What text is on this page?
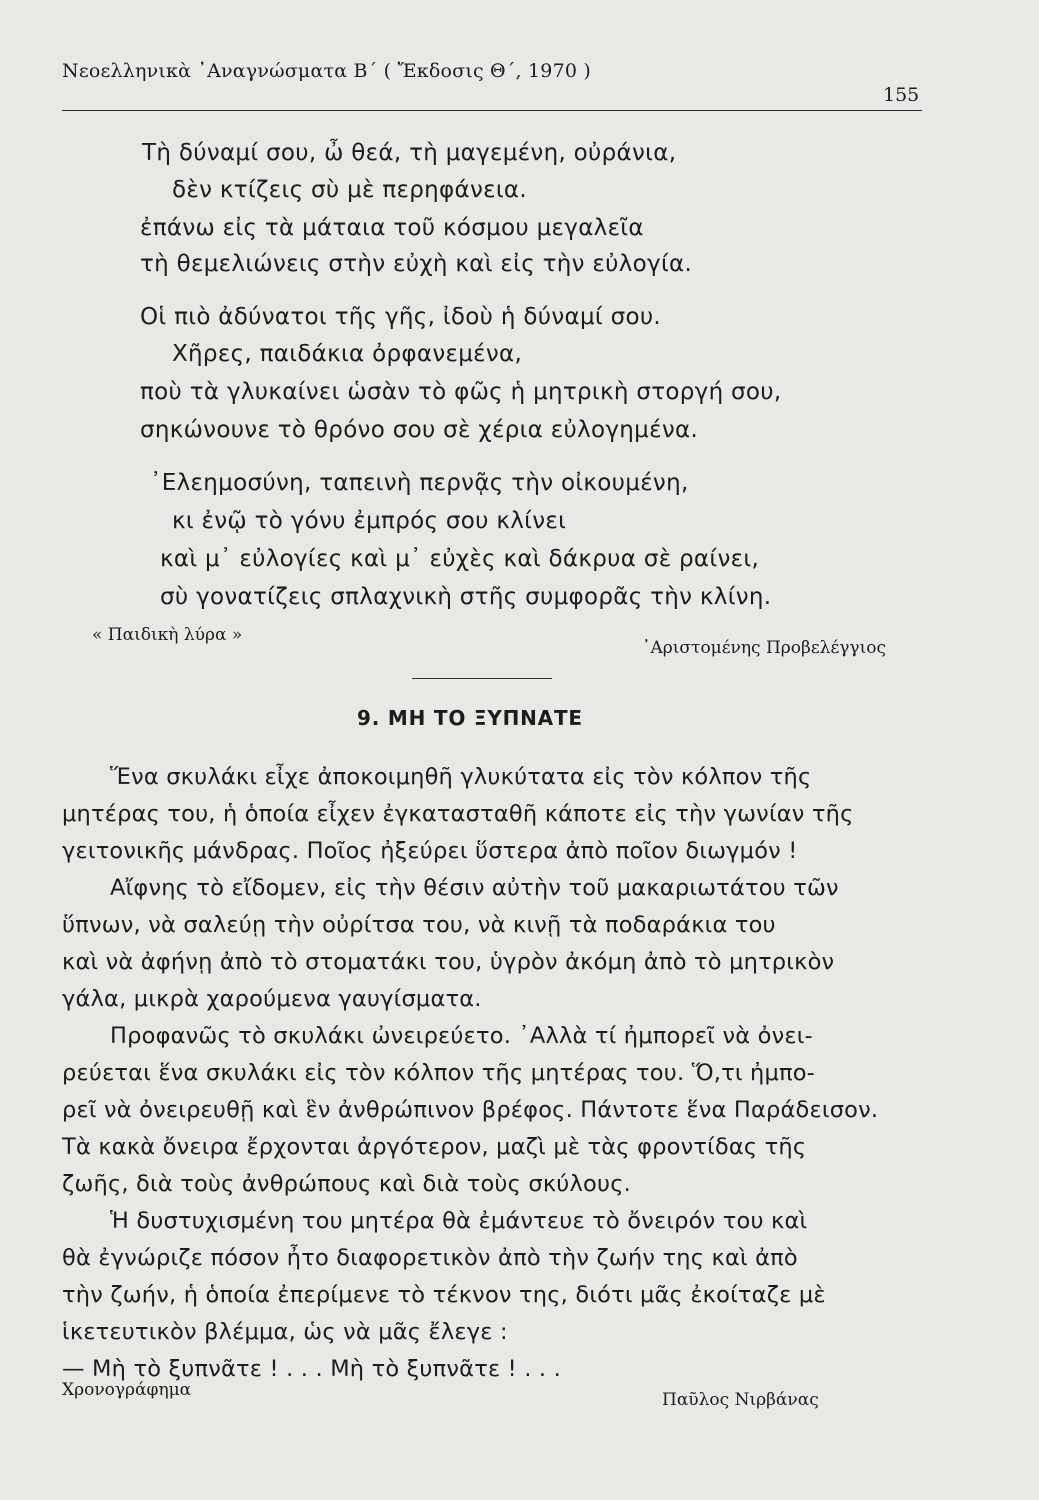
Νεοελληνικὰ ᾿Αναγνώσματα Β΄ ( Ἔκδοσις Θ΄, 1970 )
155
Τὴ δύναμί σου, ὦ θεά, τὴ μαγεμένη, οὐράνια,
δὲν κτίζεις σὺ μὲ περηφάνεια.
ἐπάνω εἰς τὰ μάταια τοῦ κόσμου μεγαλεῖα
τὴ θεμελιώνεις στὴν εὐχὴ καὶ εἰς τὴν εὐλογία.
Οἱ πιὸ ἀδύνατοι τῆς γῆς, ἰδοὺ ἡ δύναμί σου.
Χῆρες, παιδάκια ὀρφανεμένα,
ποὺ τὰ γλυκαίνει ὡσὰν τὸ φῶς ἡ μητρικὴ στοργή σου,
σηκώνουνε τὸ θρόνο σου σὲ χέρια εὐλογημένα.
᾿Ελεημοσύνη, ταπεινὴ περνᾷς τὴν οἰκουμένη,
κι ἐνῷ τὸ γόνυ ἐμπρός σου κλίνει
καὶ μ᾿ εὐλογίες καὶ μ᾿ εὐχὲς καὶ δάκρυα σὲ ραίνει,
σὺ γονατίζεις σπλαχνικὴ στῆς συμφορᾶς τὴν κλίνη.
« Παιδικὴ λύρα »
᾿Αριστομένης Προβελέγγιος
9. ΜΗ ΤΟ ΞΥΠΝΑΤΕ
Ἕνα σκυλάκι εἶχε ἀποκοιμηθῆ γλυκύτατα εἰς τὸν κόλπον τῆς
μητέρας του, ἡ ὁποία εἶχεν ἐγκατασταθῆ κάποτε εἰς τὴν γωνίαν τῆς
γειτονικῆς μάνδρας. Ποῖος ἠξεύρει ὕστερα ἀπὸ ποῖον διωγμόν !
Αἴφνης τὸ εἴδομεν, εἰς τὴν θέσιν αὐτὴν τοῦ μακαριωτάτου τῶν
ὕπνων, νὰ σαλεύῃ τὴν οὐρίτσα του, νὰ κινῇ τὰ ποδαράκια του
καὶ νὰ ἀφήνῃ ἀπὸ τὸ στοματάκι του, ὑγρὸν ἀκόμη ἀπὸ τὸ μητρικὸν
γάλα, μικρὰ χαρούμενα γαυγίσματα.
Προφανῶς τὸ σκυλάκι ὠνειρεύετο. ᾿Αλλὰ τί ἠμπορεῖ νὰ ὀνει-
ρεύεται ἕνα σκυλάκι εἰς τὸν κόλπον τῆς μητέρας του. Ὅ,τι ἠμπο-
ρεῖ νὰ ὀνειρευθῇ καὶ ἓν ἀνθρώπινον βρέφος. Πάντοτε ἕνα Παράδεισον.
Τὰ κακὰ ὄνειρα ἔρχονται ἀργότερον, μαζὶ μὲ τὰς φροντίδας τῆς
ζωῆς, διὰ τοὺς ἀνθρώπους καὶ διὰ τοὺς σκύλους.
Ἡ δυστυχισμένη του μητέρα θὰ ἐμάντευε τὸ ὄνειρόν του καὶ
θὰ ἐγνώριζε πόσον ἦτο διαφορετικὸν ἀπὸ τὴν ζωήν της καὶ ἀπὸ
τὴν ζωήν, ἡ ὁποία ἐπερίμενε τὸ τέκνον της, διότι μᾶς ἐκοίταζε μὲ
ἱκετευτικὸν βλέμμα, ὡς νὰ μᾶς ἔλεγε :
— Μὴ τὸ ξυπνᾶτε ! . . . Μὴ τὸ ξυπνᾶτε ! . . .
Χρονογράφημα	Παῦλος Νιρβάνας
